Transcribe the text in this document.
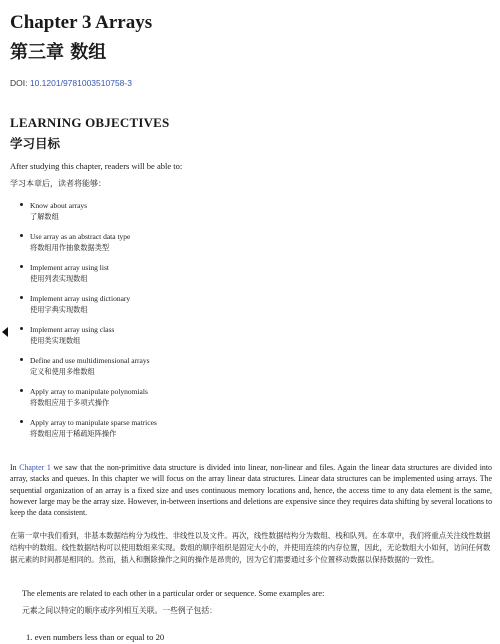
Chapter 3 Arrays
第三章 数组
DOI: 10.1201/9781003510758-3
LEARNING OBJECTIVES
学习目标
After studying this chapter, readers will be able to:
学习本章后，读者将能够：
Know about arrays
了解数组
Use array as an abstract data type
将数组用作抽象数据类型
Implement array using list
使用列表实现数组
Implement array using dictionary
使用字典实现数组
Implement array using class
使用类实现数组
Define and use multidimensional arrays
定义和使用多维数组
Apply array to manipulate polynomials
将数组应用于多项式操作
Apply array to manipulate sparse matrices
将数组应用于稀疏矩阵操作
In Chapter 1 we saw that the non-primitive data structure is divided into linear, non-linear and files. Again the linear data structures are divided into array, stacks and queues. In this chapter we will focus on the array linear data structures. Linear data structures can be implemented using arrays. The sequential organization of an array is a fixed size and uses continuous memory locations and, hence, the access time to any data element is the same, however large may be the array size. However, in-between insertions and deletions are expensive since they requires data shifting by several locations to keep the data consistent.
在第一章中我们看到，非基本数据结构分为线性、非线性以及文件。再次，线性数据结构分为数组、栈和队列。在本章中，我们将重点关注线性数据结构中的数组。线性数据结构可以使用数组来实现。数组的顺序组织是固定大小的，并使用连续的内存位置，因此，无论数组大小如何，访问任何数据元素的时间都是相同的。然而，插入和删除操作之间的操作是昂贵的，因为它们需要通过多个位置移动数据以保持数据的一致性。
The elements are related to each other in a particular order or sequence. Some examples are:
元素之间以特定的顺序或序列相互关联。一些例子包括：
1. even numbers less than or equal to 20
